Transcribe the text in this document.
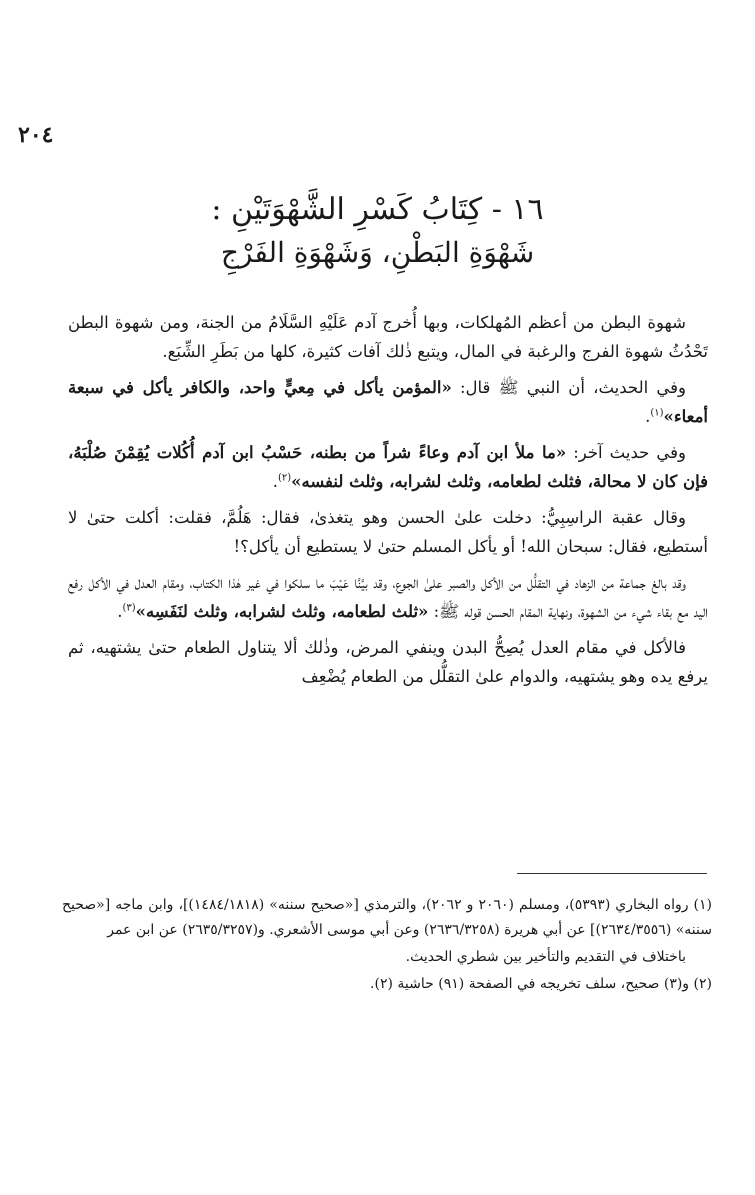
٢٠٤
١٦ - كِتَابُ كَسْرِ الشَّهْوَتَيْنِ :
شَهْوَةِ البَطْنِ، وَشَهْوَةِ الفَرْجِ

شهوة البطن من أعظم المُهلكات، وبها أُخرج آدم عَلَيْهِ السَّلَامُ من الجنة، ومن شهوة البطن تَحْدُثُ شهوة الفرج والرغبة في المال، ويتبع ذٰلك آفات كثيرة، كلها من بَطَرِ الشِّبَع.

وفي الحديث، أن النبي ﷺ قال: «المؤمن يأكل في مِعيٍّ واحد، والكافر يأكل في سبعة أمعاء»$^{(١)}$.

وفي حديث آخر: «ما ملأ ابن آدم وعاءً شراً من بطنه، حَسْبُ ابن آدم أُكُلات يُقِمْنَ صُلْبَهُ، فإن كان لا محالة، فثلث لطعامه، وثلث لشرابه، وثلث لنفسه»$^{(٢)}$.

وقال عقبة الراسِبِيُّ: دخلت علىٰ الحسن وهو يتغذىٰ، فقال: هَلُمَّ، فقلت: أكلت حتىٰ لا أستطيع، فقال: سبحان الله! أو يأكل المسلم حتىٰ لا يستطيع أن يأكل؟!

وقد بالغ جماعة من الزهاد في التقلُّل من الأكل والصبر علىٰ الجوع، وقد بيَّنَّا عَيْبَ ما سلكوا في غير هٰذا الكتاب، ومقام العدل في الأكل رفع اليد مع بقاء شيء من الشهوة، ونهاية المقام الحسن قوله ﷺ: «ثلث لطعامه، وثلث لشرابه، وثلث لنَفَسِه»$^{(٣)}$.

فالأكل في مقام العدل يُصِحُّ البدن وينفي المرض، وذٰلك ألا يتناول الطعام حتىٰ يشتهيه، ثم يرفع يده وهو يشتهيه، والدوام علىٰ التقلُّل من الطعام يُضْعِف

(١) رواه البخاري (٥٣٩٣)، ومسلم (٢٠٦٠ و ٢٠٦٢)، والترمذي [«صحيح سننه» (١٤٨٤/١٨١٨)]، وابن ماجه [«صحيح سننه» (٢٦٣٤/٣٥٥٦)] عن أبي هريرة (٢٦٣٦/٣٢٥٨) وعن أبي موسى الأشعري. و(٢٦٣٥/٣٢٥٧) عن ابن عمر

باختلاف في التقديم والتأخير بين شطري الحديث.

(٢) و(٣) صحيح، سلف تخريجه في الصفحة (٩١) حاشية (٢).
